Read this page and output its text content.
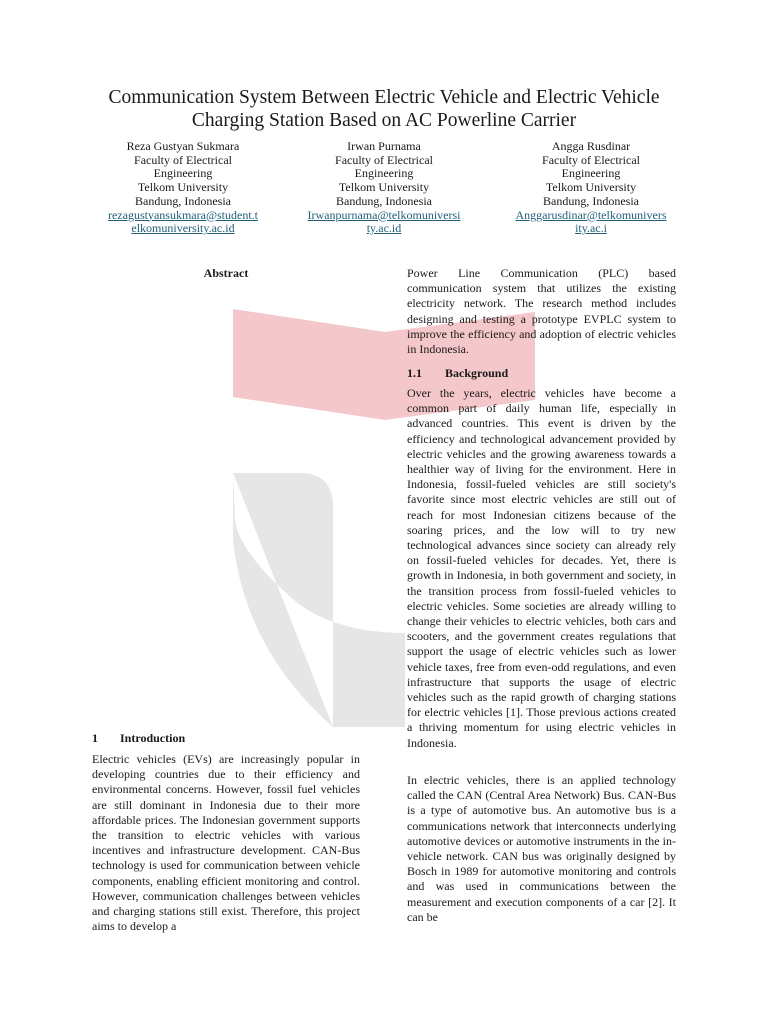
Communication System Between Electric Vehicle and Electric Vehicle
Charging Station Based on AC Powerline Carrier
Reza Gustyan Sukmara
Faculty of Electrical
Engineering
Telkom University
Bandung, Indonesia
rezagustyansukmara@student.t
elkomuniversity.ac.id
Irwan Purnama
Faculty of Electrical
Engineering
Telkom University
Bandung, Indonesia
Irwanpurnama@telkomuniversi
ty.ac.id
Angga Rusdinar
Faculty of Electrical
Engineering
Telkom University
Bandung, Indonesia
Anggarusdinar@telkomunivers
ity.ac.i
Abstract
1 Introduction

Electric vehicles (EVs) are increasingly popular in developing countries due to their efficiency and environmental concerns. However, fossil fuel vehicles are still dominant in Indonesia due to their more affordable prices. The Indonesian government supports the transition to electric vehicles with various incentives and infrastructure development. CAN-Bus technology is used for communication between vehicle components, enabling efficient monitoring and control. However, communication challenges between vehicles and charging stations still exist. Therefore, this project aims to develop a

Power Line Communication (PLC) based communication system that utilizes the existing electricity network. The research method includes designing and testing a prototype EVPLC system to improve the efficiency and adoption of electric vehicles in Indonesia.

1.1 Background

Over the years, electric vehicles have become a common part of daily human life, especially in advanced countries. This event is driven by the efficiency and technological advancement provided by electric vehicles and the growing awareness towards a healthier way of living for the environment. Here in Indonesia, fossil-fueled vehicles are still society's favorite since most electric vehicles are still out of reach for most Indonesian citizens because of the soaring prices, and the low will to try new technological advances since society can already rely on fossil-fueled vehicles for decades. Yet, there is growth in Indonesia, in both government and society, in the transition process from fossil-fueled vehicles to electric vehicles. Some societies are already willing to change their vehicles to electric vehicles, both cars and scooters, and the government creates regulations that support the usage of electric vehicles such as lower vehicle taxes, free from even-odd regulations, and even infrastructure that supports the usage of electric vehicles such as the rapid growth of charging stations for electric vehicles [1]. Those previous actions created a thriving momentum for using electric vehicles in Indonesia.

In electric vehicles, there is an applied technology called the CAN (Central Area Network) Bus. CAN-Bus is a type of automotive bus. An automotive bus is a communications network that interconnects underlying automotive devices or automotive instruments in the in-vehicle network. CAN bus was originally designed by Bosch in 1989 for automotive monitoring and controls and was used in communications between the measurement and execution components of a car [2]. It can be
